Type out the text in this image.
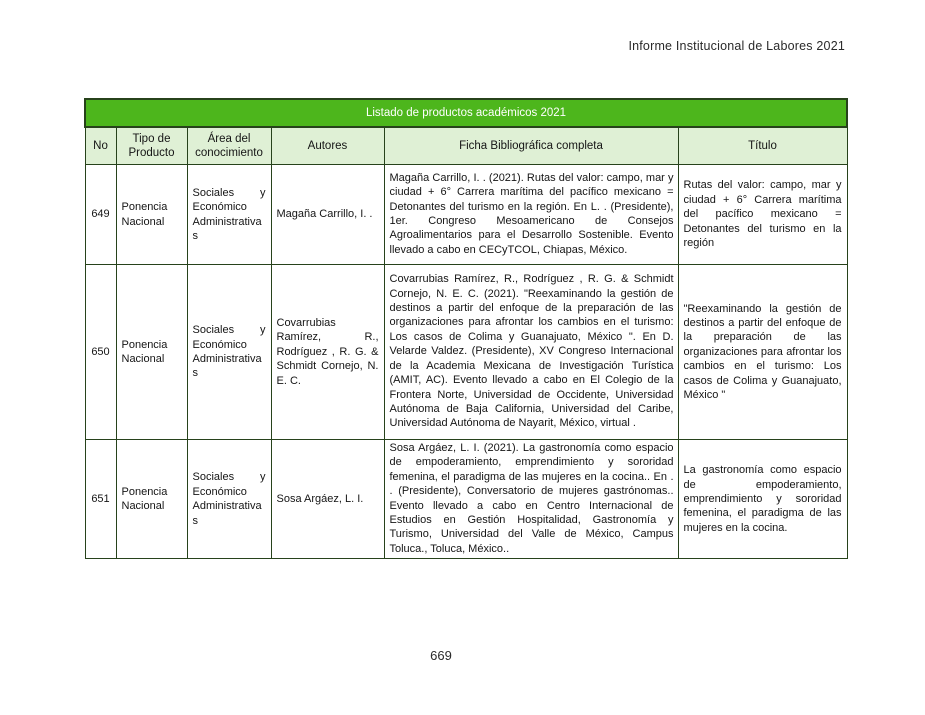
Informe Institucional de Labores 2021
Listado de productos académicos 2021					
No	Tipo de Producto	Área del conocimiento	Autores	Ficha Bibliográfica completa	Título
649	Ponencia Nacional	Sociales y Económico Administrativas	Magaña Carrillo, I. .	Magaña Carrillo, I. . (2021). Rutas del valor: campo, mar y ciudad + 6° Carrera marítima del pacífico mexicano = Detonantes del turismo en la región. En L. . (Presidente), 1er. Congreso Mesoamericano de Consejos Agroalimentarios para el Desarrollo Sostenible. Evento llevado a cabo en CECyTCOL, Chiapas, México.	Rutas del valor: campo, mar y ciudad + 6° Carrera marítima del pacífico mexicano = Detonantes del turismo en la región
650	Ponencia Nacional	Sociales y Económico Administrativas	Covarrubias Ramírez, R., Rodríguez , R. G. & Schmidt Cornejo, N. E. C.	Covarrubias Ramírez, R., Rodríguez , R. G. & Schmidt Cornejo, N. E. C. (2021). "Reexaminando la gestión de destinos a partir del enfoque de la preparación de las organizaciones para afrontar los cambios en el turismo: Los casos de Colima y Guanajuato, México ". En D. Velarde Valdez. (Presidente), XV Congreso Internacional de la Academia Mexicana de Investigación Turística (AMIT, AC). Evento llevado a cabo en El Colegio de la Frontera Norte, Universidad de Occidente, Universidad Autónoma de Baja California, Universidad del Caribe, Universidad Autónoma de Nayarit, México, virtual .	"Reexaminando la gestión de destinos a partir del enfoque de la preparación de las organizaciones para afrontar los cambios en el turismo: Los casos de Colima y Guanajuato, México "
651	Ponencia Nacional	Sociales y Económico Administrativas	Sosa Argáez, L. I.	Sosa Argáez, L. I. (2021). La gastronomía como espacio de empoderamiento, emprendimiento y sororidad femenina, el paradigma de las mujeres en la cocina.. En . . (Presidente), Conversatorio de mujeres gastrónomas.. Evento llevado a cabo en Centro Internacional de Estudios en Gestión Hospitalidad, Gastronomía y Turismo, Universidad del Valle de México, Campus Toluca., Toluca, México..	La gastronomía como espacio de empoderamiento, emprendimiento y sororidad femenina, el paradigma de las mujeres en la cocina.
669
